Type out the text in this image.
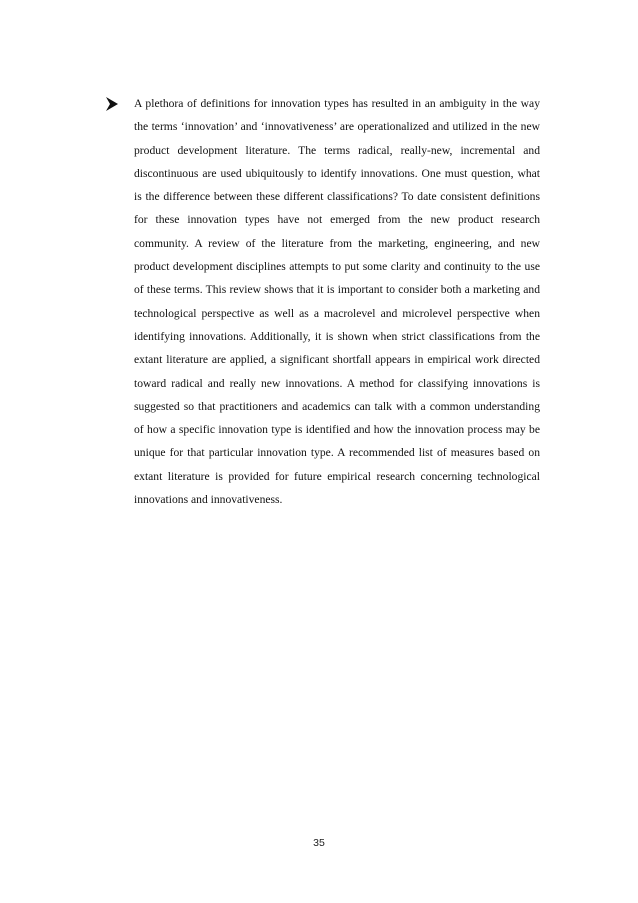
A plethora of definitions for innovation types has resulted in an ambiguity in the way the terms ‘innovation’ and ‘innovativeness’ are operationalized and utilized in the new product development literature. The terms radical, really-new, incremental and discontinuous are used ubiquitously to identify innovations. One must question, what is the difference between these different classifications? To date consistent definitions for these innovation types have not emerged from the new product research community. A review of the literature from the marketing, engineering, and new product development disciplines attempts to put some clarity and continuity to the use of these terms. This review shows that it is important to consider both a marketing and technological perspective as well as a macrolevel and microlevel perspective when identifying innovations. Additionally, it is shown when strict classifications from the extant literature are applied, a significant shortfall appears in empirical work directed toward radical and really new innovations. A method for classifying innovations is suggested so that practitioners and academics can talk with a common understanding of how a specific innovation type is identified and how the innovation process may be unique for that particular innovation type. A recommended list of measures based on extant literature is provided for future empirical research concerning technological innovations and innovativeness.

35
